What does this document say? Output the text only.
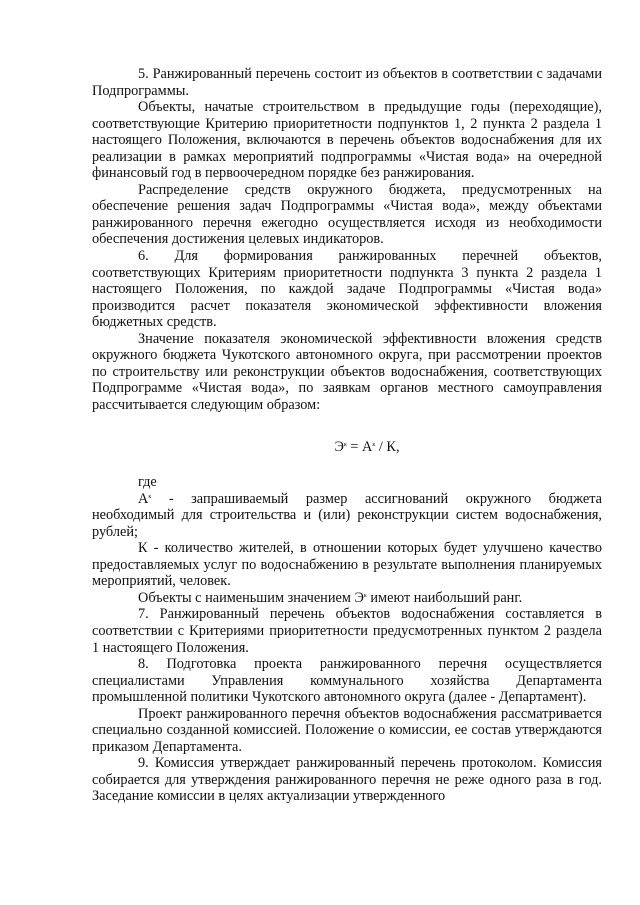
5. Ранжированный перечень состоит из объектов в соответствии с задачами Подпрограммы.

Объекты, начатые строительством в предыдущие годы (переходящие), соответствующие Критерию приоритетности подпунктов 1, 2 пункта 2 раздела 1 настоящего Положения, включаются в перечень объектов водоснабжения для их реализации в рамках мероприятий подпрограммы «Чистая вода» на очередной финансовый год в первоочередном порядке без ранжирования.

Распределение средств окружного бюджета, предусмотренных на обеспечение решения задач Подпрограммы «Чистая вода», между объектами ранжированного перечня ежегодно осуществляется исходя из необходимости обеспечения достижения целевых индикаторов.

6. Для формирования ранжированных перечней объектов, соответствующих Критериям приоритетности подпункта 3 пункта 2 раздела 1 настоящего Положения, по каждой задаче Подпрограммы «Чистая вода» производится расчет показателя экономической эффективности вложения бюджетных средств.

Значение показателя экономической эффективности вложения средств окружного бюджета Чукотского автономного округа, при рассмотрении проектов по строительству или реконструкции объектов водоснабжения, соответствующих Подпрограмме «Чистая вода», по заявкам органов местного самоуправления рассчитывается следующим образом:

$Э^к = А^к / К$,

где

$А^к$ - запрашиваемый размер ассигнований окружного бюджета необходимый для строительства и (или) реконструкции систем водоснабжения, рублей;

К - количество жителей, в отношении которых будет улучшено качество предоставляемых услуг по водоснабжению в результате выполнения планируемых мероприятий, человек.

Объекты с наименьшим значением $Э^к$ имеют наибольший ранг.

7. Ранжированный перечень объектов водоснабжения составляется в соответствии с Критериями приоритетности предусмотренных пунктом 2 раздела 1 настоящего Положения.

8. Подготовка проекта ранжированного перечня осуществляется специалистами Управления коммунального хозяйства Департамента промышленной политики Чукотского автономного округа (далее - Департамент).

Проект ранжированного перечня объектов водоснабжения рассматривается специально созданной комиссией. Положение о комиссии, ее состав утверждаются приказом Департамента.

9. Комиссия утверждает ранжированный перечень протоколом. Комиссия собирается для утверждения ранжированного перечня не реже одного раза в год. Заседание комиссии в целях актуализации утвержденного
